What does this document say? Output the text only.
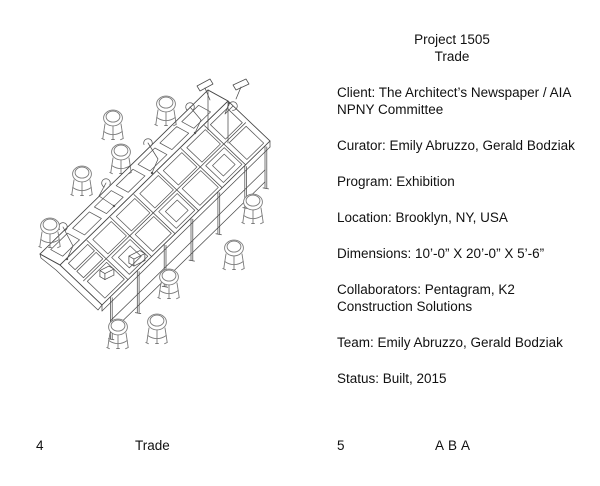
Project 1505
Trade

Client: The Architect’s Newspaper / AIA
NPNY Committee

Curator: Emily Abruzzo, Gerald Bodziak

Program: Exhibition

Location: Brooklyn, NY, USA

Dimensions: 10’-0” X 20’-0” X 5’-6”

Collaborators: Pentagram, K2
Construction Solutions

Team: Emily Abruzzo, Gerald Bodziak

Status: Built, 2015

4	Trade	5	A B A
